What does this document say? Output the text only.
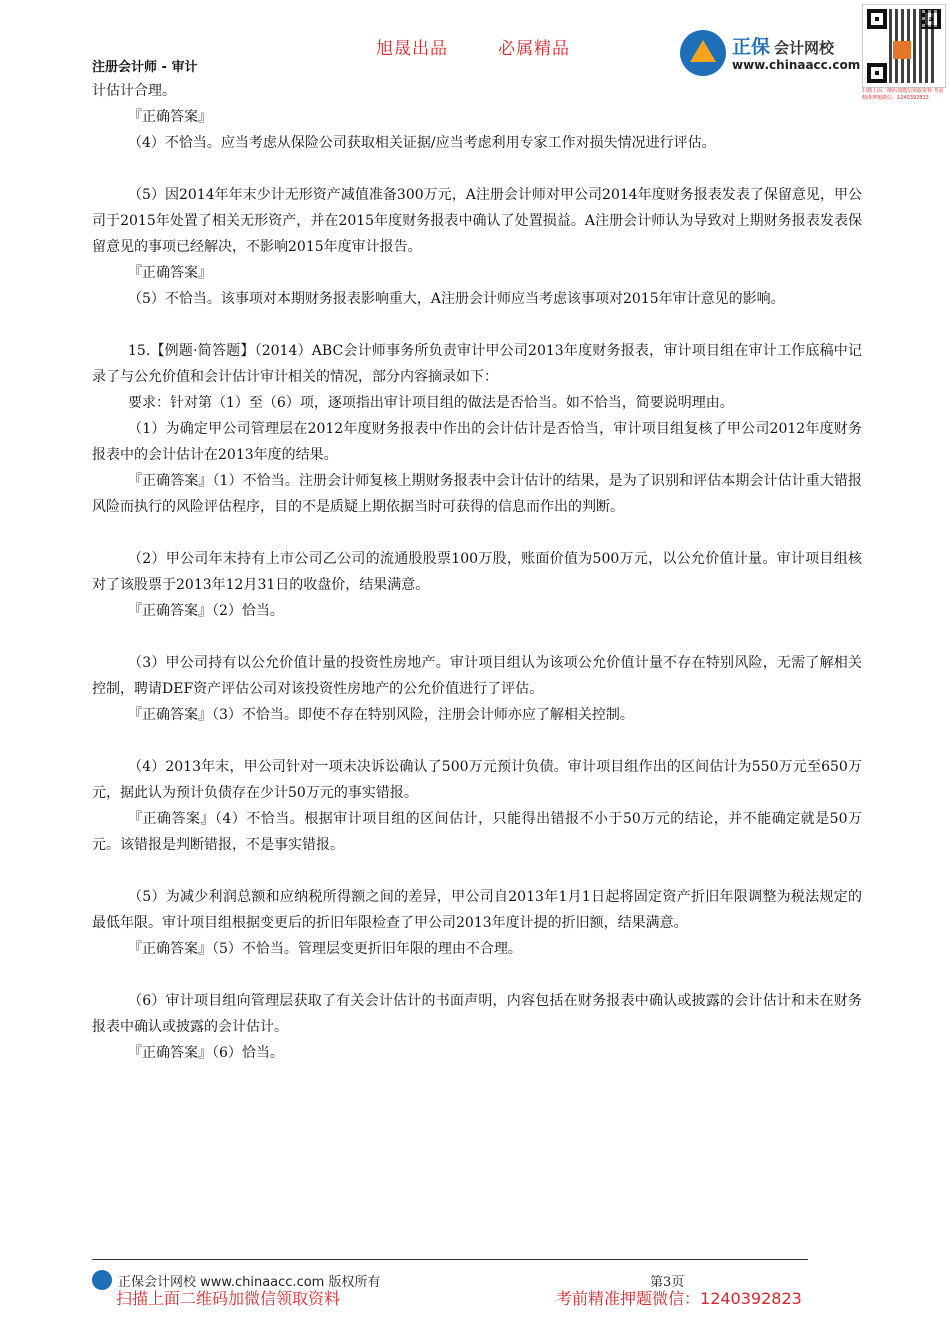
旭晟出品	必属精品
注册会计师 - 审计
正保 会计网校
www.chinaacc.com
扫描上面二维码加微信领取资料 考前精准押题微信：1240392823

计估计合理。

『正确答案』

（4）不恰当。应当考虑从保险公司获取相关证据/应当考虑利用专家工作对损失情况进行评估。

（5）因2014年年末少计无形资产减值准备300万元，A注册会计师对甲公司2014年度财务报表发表了保留意见，甲公司于2015年处置了相关无形资产，并在2015年度财务报表中确认了处置损益。A注册会计师认为导致对上期财务报表发表保留意见的事项已经解决，不影响2015年度审计报告。

『正确答案』

（5）不恰当。该事项对本期财务报表影响重大，A注册会计师应当考虑该事项对2015年审计意见的影响。

15.【例题·简答题】（2014）ABC会计师事务所负责审计甲公司2013年度财务报表，审计项目组在审计工作底稿中记录了与公允价值和会计估计审计相关的情况，部分内容摘录如下：

要求：针对第（1）至（6）项，逐项指出审计项目组的做法是否恰当。如不恰当，简要说明理由。

（1）为确定甲公司管理层在2012年度财务报表中作出的会计估计是否恰当，审计项目组复核了甲公司2012年度财务报表中的会计估计在2013年度的结果。

『正确答案』（1）不恰当。注册会计师复核上期财务报表中会计估计的结果，是为了识别和评估本期会计估计重大错报风险而执行的风险评估程序，目的不是质疑上期依据当时可获得的信息而作出的判断。

（2）甲公司年末持有上市公司乙公司的流通股股票100万股，账面价值为500万元，以公允价值计量。审计项目组核对了该股票于2013年12月31日的收盘价，结果满意。

『正确答案』（2）恰当。

（3）甲公司持有以公允价值计量的投资性房地产。审计项目组认为该项公允价值计量不存在特别风险，无需了解相关控制，聘请DEF资产评估公司对该投资性房地产的公允价值进行了评估。

『正确答案』（3）不恰当。即使不存在特别风险，注册会计师亦应了解相关控制。

（4）2013年末，甲公司针对一项未决诉讼确认了500万元预计负债。审计项目组作出的区间估计为550万元至650万元，据此认为预计负债存在少计50万元的事实错报。

『正确答案』（4）不恰当。根据审计项目组的区间估计，只能得出错报不小于50万元的结论，并不能确定就是50万元。该错报是判断错报，不是事实错报。

（5）为减少利润总额和应纳税所得额之间的差异，甲公司自2013年1月1日起将固定资产折旧年限调整为税法规定的最低年限。审计项目组根据变更后的折旧年限检查了甲公司2013年度计提的折旧额，结果满意。

『正确答案』（5）不恰当。管理层变更折旧年限的理由不合理。

（6）审计项目组向管理层获取了有关会计估计的书面声明，内容包括在财务报表中确认或披露的会计估计和未在财务报表中确认或披露的会计估计。

『正确答案』（6）恰当。

正保会计网校 www.chinaacc.com 版权所有	第3页
扫描上面二维码加微信领取资料	考前精准押题微信：1240392823
